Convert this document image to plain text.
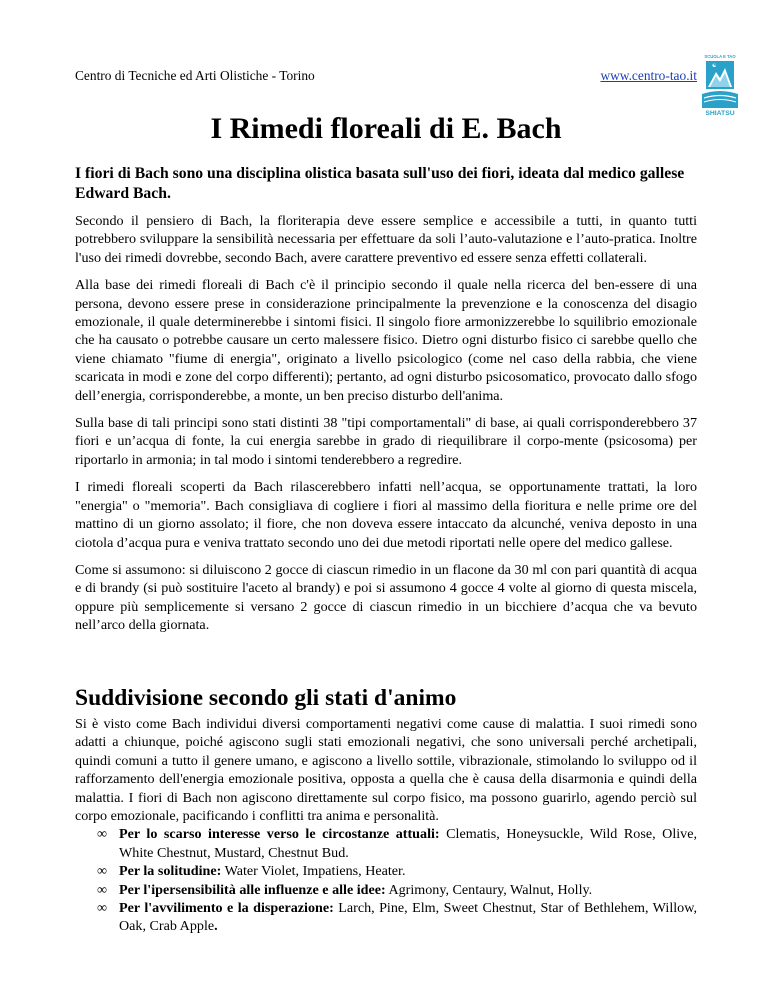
Centro di Tecniche ed Arti Olistiche - Torino	www.centro-tao.it
SCUOLA E TAO
☯
SHIATSU
I Rimedi floreali di E. Bach

I fiori di Bach sono una disciplina olistica basata sull'uso dei fiori, ideata dal medico gallese Edward Bach.

Secondo il pensiero di Bach, la floriterapia deve essere semplice e accessibile a tutti, in quanto tutti potrebbero sviluppare la sensibilità necessaria per effettuare da soli l’auto-valutazione e l’auto-pratica. Inoltre l'uso dei rimedi dovrebbe, secondo Bach, avere carattere preventivo ed essere senza effetti collaterali.

Alla base dei rimedi floreali di Bach c'è il principio secondo il quale nella ricerca del ben-essere di una persona, devono essere prese in considerazione principalmente la prevenzione e la conoscenza del disagio emozionale, il quale determinerebbe i sintomi fisici. Il singolo fiore armonizzerebbe lo squilibrio emozionale che ha causato o potrebbe causare un certo malessere fisico. Dietro ogni disturbo fisico ci sarebbe quello che viene chiamato "fiume di energia", originato a livello psicologico (come nel caso della rabbia, che viene scaricata in modi e zone del corpo differenti); pertanto, ad ogni disturbo psicosomatico, provocato dallo sfogo dell’energia, corrisponderebbe, a monte, un ben preciso disturbo dell'anima.

Sulla base di tali principi sono stati distinti 38 "tipi comportamentali" di base, ai quali corrisponderebbero 37 fiori e un’acqua di fonte, la cui energia sarebbe in grado di riequilibrare il corpo-mente (psicosoma) per riportarlo in armonia; in tal modo i sintomi tenderebbero a regredire.

I rimedi floreali scoperti da Bach rilascerebbero infatti nell’acqua, se opportunamente trattati, la loro "energia" o "memoria". Bach consigliava di cogliere i fiori al massimo della fioritura e nelle prime ore del mattino di un giorno assolato; il fiore, che non doveva essere intaccato da alcunché, veniva deposto in una ciotola d’acqua pura e veniva trattato secondo uno dei due metodi riportati nelle opere del medico gallese.

Come si assumono: si diluiscono 2 gocce di ciascun rimedio in un flacone da 30 ml con pari quantità di acqua e di brandy (si può sostituire l'aceto al brandy) e poi si assumono 4 gocce 4 volte al giorno di questa miscela, oppure più semplicemente si versano 2 gocce di ciascun rimedio in un bicchiere d’acqua che va bevuto nell’arco della giornata.

Suddivisione secondo gli stati d'animo

Si è visto come Bach individui diversi comportamenti negativi come cause di malattia. I suoi rimedi sono adatti a chiunque, poiché agiscono sugli stati emozionali negativi, che sono universali perché archetipali, quindi comuni a tutto il genere umano, e agiscono a livello sottile, vibrazionale, stimolando lo sviluppo od il rafforzamento dell'energia emozionale positiva, opposta a quella che è causa della disarmonia e quindi della malattia. I fiori di Bach non agiscono direttamente sul corpo fisico, ma possono guarirlo, agendo perciò sul corpo emozionale, pacificando i conflitti tra anima e personalità.

∞ Per lo scarso interesse verso le circostanze attuali: Clematis, Honeysuckle, Wild Rose, Olive, White Chestnut, Mustard, Chestnut Bud.
∞ Per la solitudine: Water Violet, Impatiens, Heater.
∞ Per l'ipersensibilità alle influenze e alle idee: Agrimony, Centaury, Walnut, Holly.
∞ Per l'avvilimento e la disperazione: Larch, Pine, Elm, Sweet Chestnut, Star of Bethlehem, Willow, Oak, Crab Apple.
